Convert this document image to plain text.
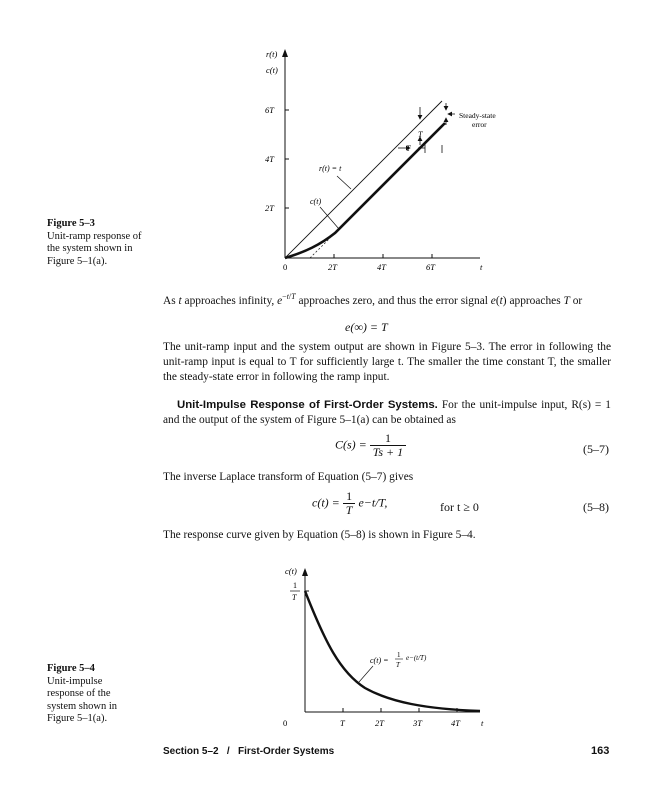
Figure 5–3
Unit-ramp response of the system shown in Figure 5–1(a).
r(t)
c(t)
2T
4T
6T
0	2T	4T	6T	t
T
T
Steady-state
error
r(t) = t
c(t)
As t approaches infinity, $e^{-t/T}$ approaches zero, and thus the error signal e(t) approaches T or
e(∞) = T
The unit-ramp input and the system output are shown in Figure 5–3. The error in following the unit-ramp input is equal to T for sufficiently large t. The smaller the time constant T, the smaller the steady-state error in following the ramp input.
Unit-Impulse Response of First-Order Systems. For the unit-impulse input, R(s) = 1 and the output of the system of Figure 5–1(a) can be obtained as
$C(s) = \frac{1}{Ts + 1}$	(5–7)
The inverse Laplace transform of Equation (5–7) gives
$c(t) = \frac{1}{T} e-t/T$,	for t ≥ 0	(5–8)
The response curve given by Equation (5–8) is shown in Figure 5–4.
Figure 5–4
Unit-impulse response of the system shown in Figure 5–1(a).
c(t)
1
T
0	T	2T	3T	4T t
c(t) =
1
T
e−(t/T)
Section 5–2   /   First-Order Systems	163
